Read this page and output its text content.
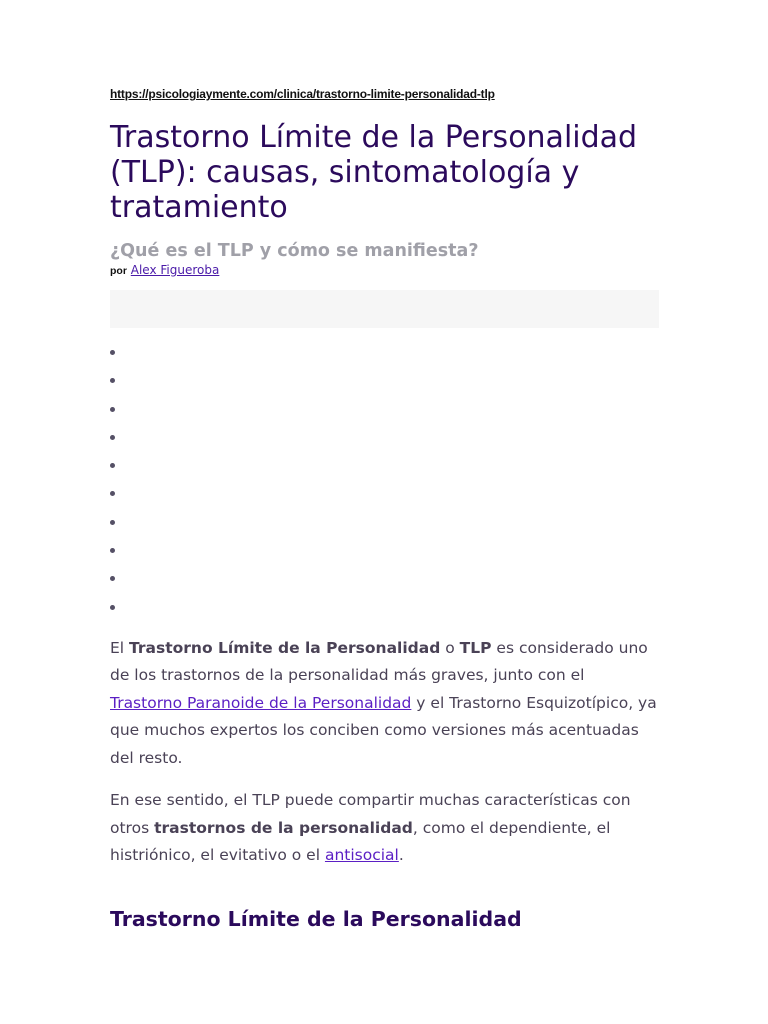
https://psicologiaymente.com/clinica/trastorno-limite-personalidad-tlp
Trastorno Límite de la Personalidad (TLP): causas, sintomatología y tratamiento
¿Qué es el TLP y cómo se manifiesta?

por Alex Figueroba

El Trastorno Límite de la Personalidad o TLP es considerado uno de los trastornos de la personalidad más graves, junto con el Trastorno Paranoide de la Personalidad y el Trastorno Esquizotípico, ya que muchos expertos los conciben como versiones más acentuadas del resto.

En ese sentido, el TLP puede compartir muchas características con otros trastornos de la personalidad, como el dependiente, el histriónico, el evitativo o el antisocial.

Trastorno Límite de la Personalidad
